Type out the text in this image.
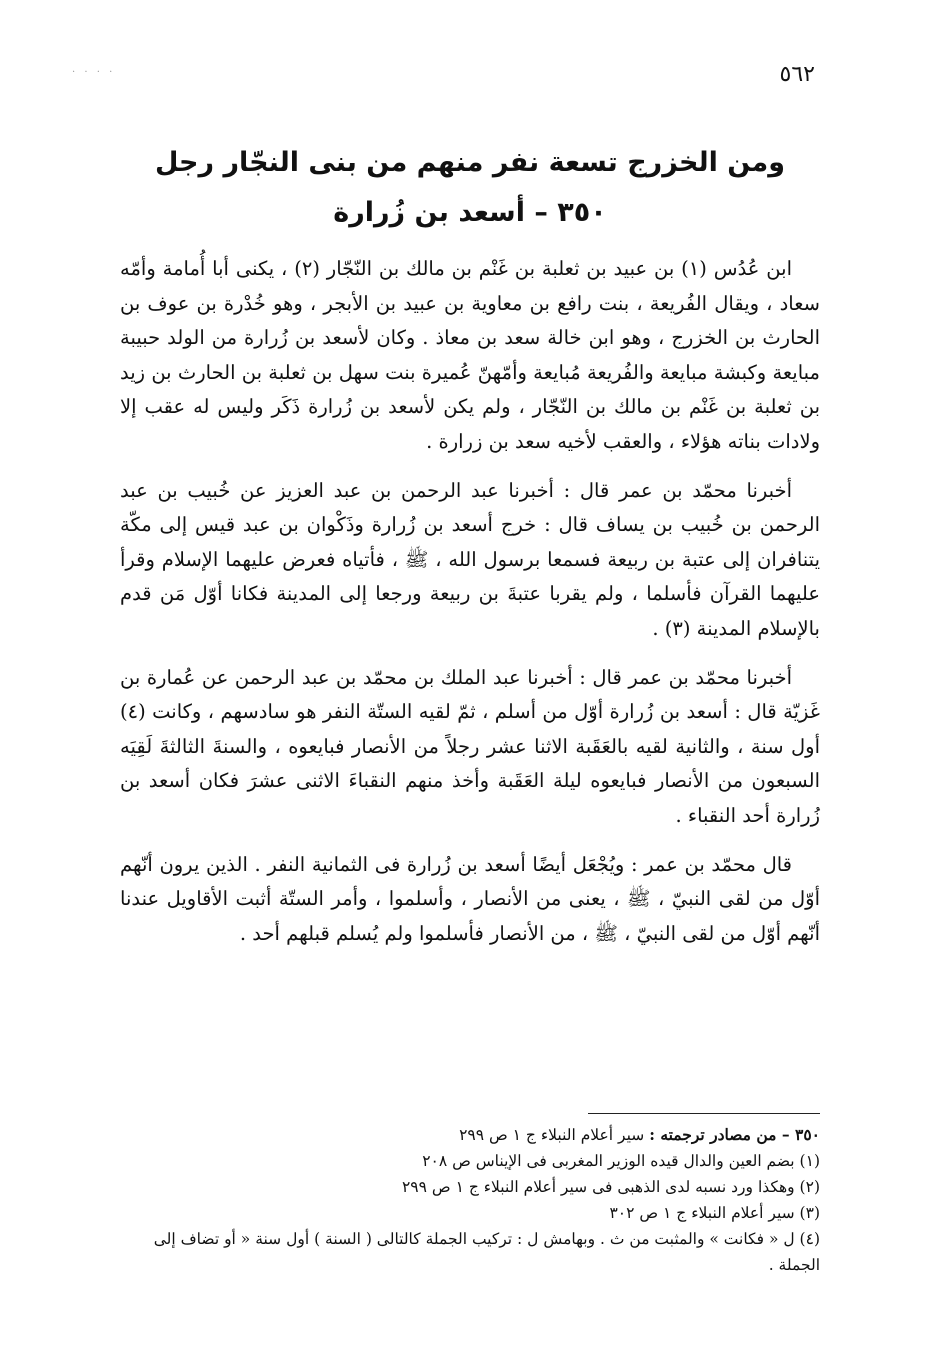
. . . .	٥٦٢
ومن الخزرج تسعة نفر منهم من بنى النجّار رجل
٣٥٠ – أسعد بن زُرارة

ابن عُدُس (١) بن عبيد بن ثعلبة بن غَنْم بن مالك بن النّجّار (٢) ، يكنى أبا أُمامة وأمّه سعاد ، ويقال الفُريعة ، بنت رافع بن معاوية بن عبيد بن الأبجر ، وهو خُدْرة بن عوف بن الحارث بن الخزرج ، وهو ابن خالة سعد بن معاذ . وكان لأسعد بن زُرارة من الولد حبيبة مبايعة وكبشة مبايعة والفُريعة مُبايعة وأمّهنّ عُميرة بنت سهل بن ثعلبة بن الحارث بن زيد بن ثعلبة بن غَنْم بن مالك بن النّجّار ، ولم يكن لأسعد بن زُرارة ذَكَر وليس له عقب إلا ولادات بناته هؤلاء ، والعقب لأخيه سعد بن زرارة .

أخبرنا محمّد بن عمر قال : أخبرنا عبد الرحمن بن عبد العزيز عن خُبيب بن عبد الرحمن بن خُبيب بن يساف قال : خرج أسعد بن زُرارة وذَكْوان بن عبد قيس إلى مكّة يتنافران إلى عتبة بن ربيعة فسمعا برسول الله ، ﷺ ، فأتياه فعرض عليهما الإسلام وقرأ عليهما القرآن فأسلما ، ولم يقربا عتبةَ بن ربيعة ورجعا إلى المدينة فكانا أوّل مَن قدم بالإسلام المدينة (٣) .

أخبرنا محمّد بن عمر قال : أخبرنا عبد الملك بن محمّد بن عبد الرحمن عن عُمارة بن غَزيّة قال : أسعد بن زُرارة أوّل من أسلم ، ثمّ لقيه الستّة النفر هو سادسهم ، وكانت (٤) أول سنة ، والثانية لقيه بالعَقَبة الاثنا عشر رجلاً من الأنصار فبايعوه ، والسنةَ الثالثةَ لَقِيَه السبعون من الأنصار فبايعوه ليلة العَقَبة وأخذ منهم النقباءَ الاثنى عشرَ فكان أسعد بن زُرارة أحد النقباء .

قال محمّد بن عمر : ويُجْعَل أيضًا أسعد بن زُرارة فى الثمانية النفر . الذين يرون أنّهم أوّل من لقى النبيّ ، ﷺ ، يعنى من الأنصار ، وأسلموا ، وأمر الستّة أثبت الأقاويل عندنا أنّهم أوّل من لقى النبيّ ، ﷺ ، من الأنصار فأسلموا ولم يُسلم قبلهم أحد .

٣٥٠ – من مصادر ترجمته : سير أعلام النبلاء ج ١ ص ٢٩٩
(١) بضم العين والدال قيده الوزير المغربى فى الإيناس ص ٢٠٨
(٢) وهكذا ورد نسبه لدى الذهبى فى سير أعلام النبلاء ج ١ ص ٢٩٩
(٣) سير أعلام النبلاء ج ١ ص ٣٠٢
(٤) ل « فكانت » والمثبت من ث . وبهامش ل : تركيب الجملة كالتالى ( السنة ) أول سنة « أو تضاف إلى الجملة .
